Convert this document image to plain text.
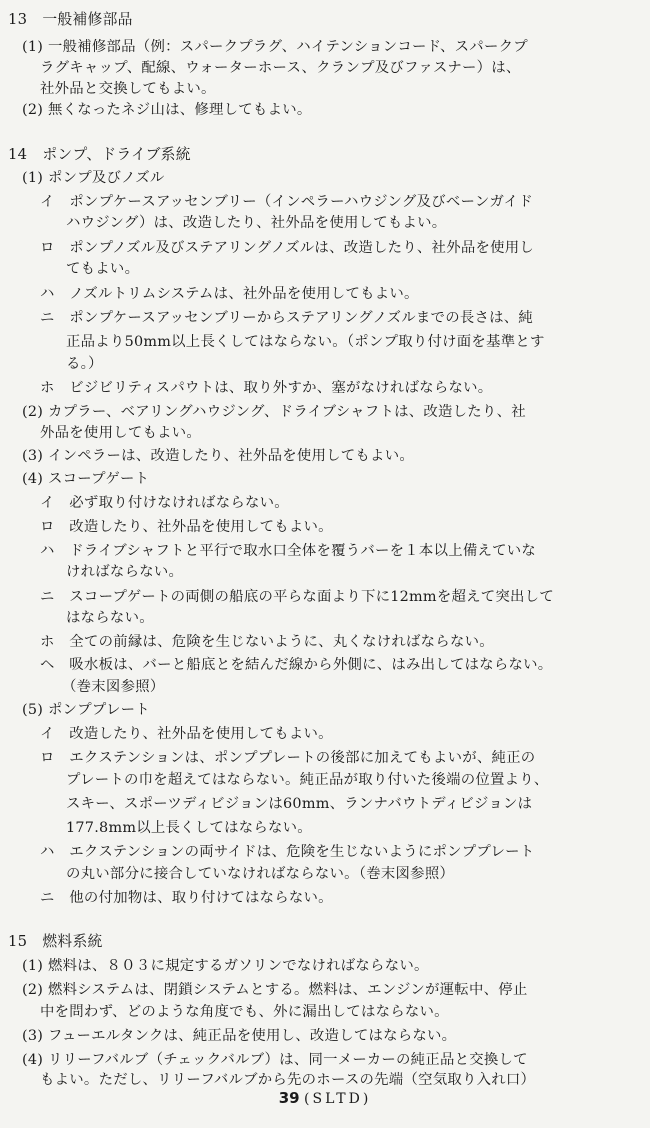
13　一般補修部品
(1) 一般補修部品（例：スパークプラグ、ハイテンションコード、スパークプ
ラグキャップ、配線、ウォーターホース、クランプ及びファスナー）は、
社外品と交換してもよい。
(2) 無くなったネジ山は、修理してもよい。
14　ポンプ、ドライブ系統
(1) ポンプ及びノズル
イ　ポンプケースアッセンブリー（インペラーハウジング及びベーンガイド
ハウジング）は、改造したり、社外品を使用してもよい。
ロ　ポンプノズル及びステアリングノズルは、改造したり、社外品を使用し
てもよい。
ハ　ノズルトリムシステムは、社外品を使用してもよい。
ニ　ポンプケースアッセンブリーからステアリングノズルまでの長さは、純
正品より50mm以上長くしてはならない。（ポンプ取り付け面を基準とす
る。）
ホ　ビジビリティスパウトは、取り外すか、塞がなければならない。
(2) カプラー、ベアリングハウジング、ドライブシャフトは、改造したり、社
外品を使用してもよい。
(3) インペラーは、改造したり、社外品を使用してもよい。
(4) スコープゲート
イ　必ず取り付けなければならない。
ロ　改造したり、社外品を使用してもよい。
ハ　ドライブシャフトと平行で取水口全体を覆うバーを１本以上備えていな
ければならない。
ニ　スコープゲートの両側の船底の平らな面より下に12mmを超えて突出して
はならない。
ホ　全ての前縁は、危険を生じないように、丸くなければならない。
ヘ　吸水板は、バーと船底とを結んだ線から外側に、はみ出してはならない。
（巻末図参照）
(5) ポンププレート
イ　改造したり、社外品を使用してもよい。
ロ　エクステンションは、ポンププレートの後部に加えてもよいが、純正の
プレートの巾を超えてはならない。純正品が取り付いた後端の位置より、
スキー、スポーツディビジョンは60mm、ランナバウトディビジョンは
177.8mm以上長くしてはならない。
ハ　エクステンションの両サイドは、危険を生じないようにポンププレート
の丸い部分に接合していなければならない。（巻末図参照）
ニ　他の付加物は、取り付けてはならない。
15　燃料系統
(1) 燃料は、８０３に規定するガソリンでなければならない。
(2) 燃料システムは、閉鎖システムとする。燃料は、エンジンが運転中、停止
中を問わず、どのような角度でも、外に漏出してはならない。
(3) フューエルタンクは、純正品を使用し、改造してはならない。
(4) リリーフバルブ（チェックバルブ）は、同一メーカーの純正品と交換して
もよい。ただし、リリーフバルブから先のホースの先端（空気取り入れ口）
39 (SLTD)
